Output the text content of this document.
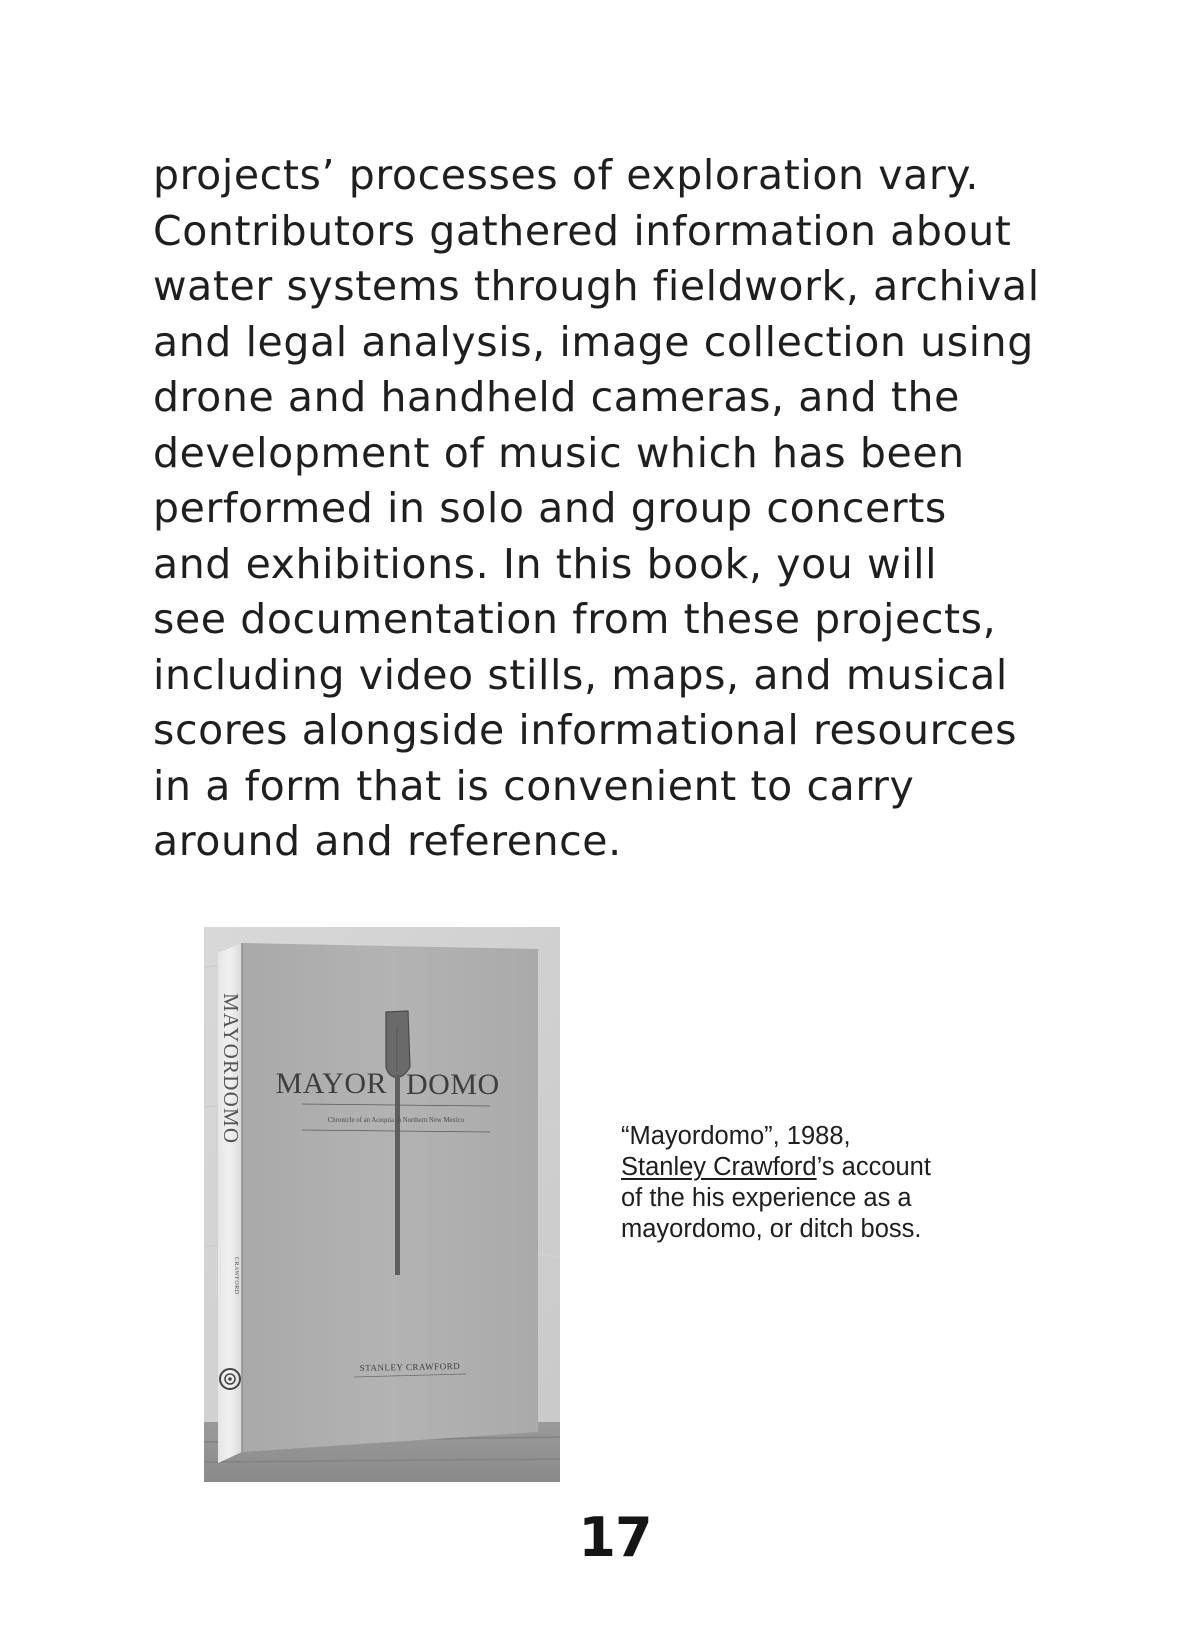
projects’ processes of exploration vary.
Contributors gathered information about
water systems through fieldwork, archival
and legal analysis, image collection using
drone and handheld cameras, and the
development of music which has been
performed in solo and group concerts
and exhibitions. In this book, you will
see documentation from these projects,
including video stills, maps, and musical
scores alongside informational resources
in a form that is convenient to carry
around and reference.

MAYORDOMO
CRAWFORD
MAYOR DOMO
Chronicle of an Acequia in Northern New Mexico
STANLEY CRAWFORD
“Mayordomo”, 1988,
Stanley Crawford’s account
of the his experience as a
mayordomo, or ditch boss.
17
